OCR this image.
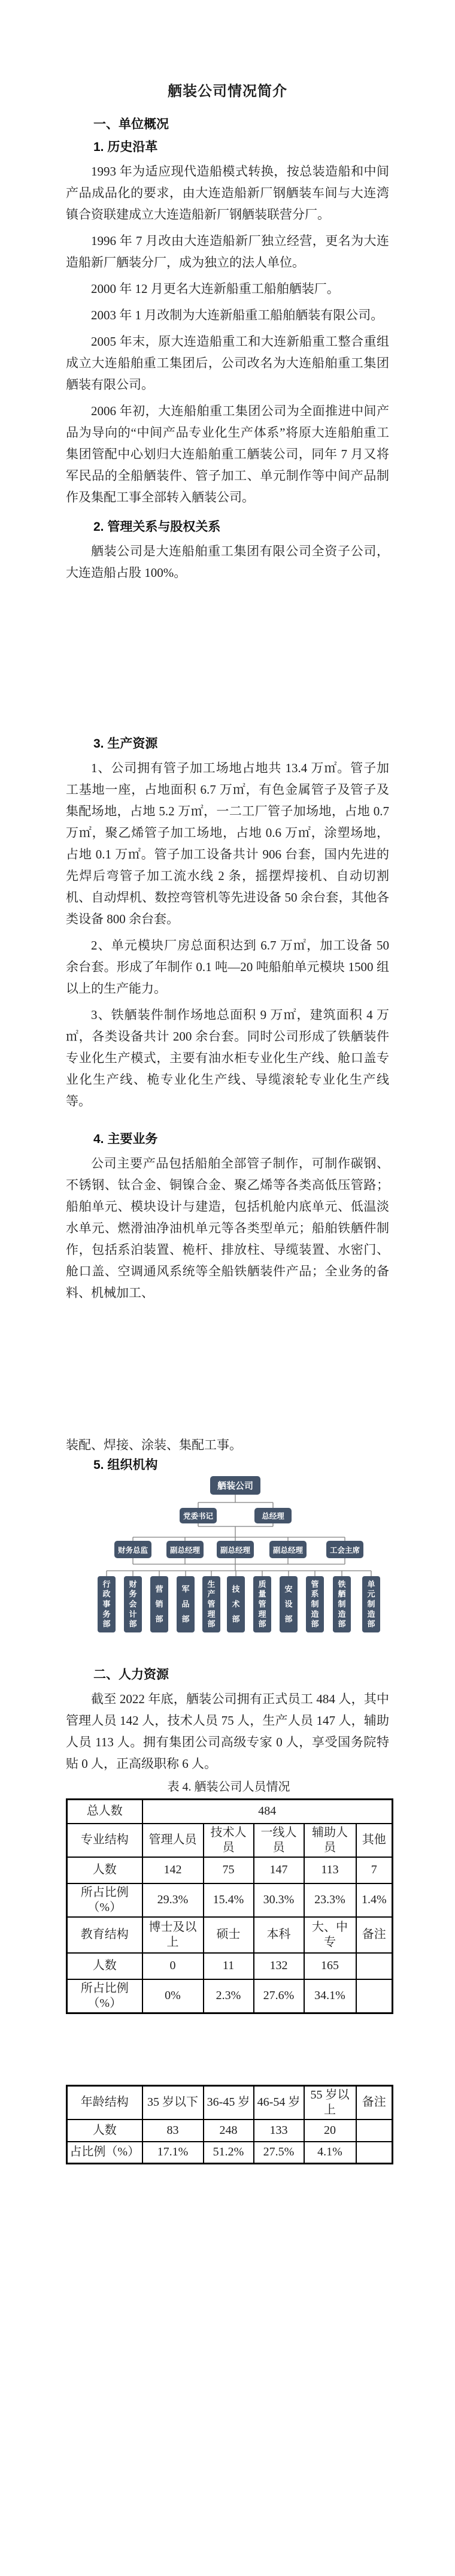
舾装公司情况简介
一、单位概况
1. 历史沿革

1993 年为适应现代造船模式转换，按总装造船和中间产品成品化的要求，由大连造船新厂钢舾装车间与大连湾镇合资联建成立大连造船新厂钢舾装联营分厂。

1996 年 7 月改由大连造船新厂独立经营，更名为大连造船新厂舾装分厂，成为独立的法人单位。

2000 年 12 月更名大连新船重工船舶舾装厂。

2003 年 1 月改制为大连新船重工船舶舾装有限公司。

2005 年末，原大连造船重工和大连新船重工整合重组成立大连船舶重工集团后，公司改名为大连船舶重工集团舾装有限公司。

2006 年初，大连船舶重工集团公司为全面推进中间产品为导向的“中间产品专业化生产体系”将原大连船舶重工集团管配中心划归大连船舶重工舾装公司，同年 7 月又将军民品的全船舾装件、管子加工、单元制作等中间产品制作及集配工事全部转入舾装公司。

2. 管理关系与股权关系

舾装公司是大连船舶重工集团有限公司全资子公司，大连造船占股 100%。

3. 生产资源

1、公司拥有管子加工场地占地共 13.4 万㎡。管子加工基地一座，占地面积 6.7 万㎡，有色金属管子及管子及集配场地，占地 5.2 万㎡，一二工厂管子加场地，占地 0.7 万㎡，聚乙烯管子加工场地，占地 0.6 万㎡，涂塑场地，占地 0.1 万㎡。管子加工设备共计 906 台套，国内先进的先焊后弯管子加工流水线 2 条，摇摆焊接机、自动切割机、自动焊机、数控弯管机等先进设备 50 余台套，其他各类设备 800 余台套。

2、单元模块厂房总面积达到 6.7 万㎡，加工设备 50 余台套。形成了年制作 0.1 吨—20 吨船舶单元模块 1500 组以上的生产能力。

3、铁舾装件制作场地总面积 9 万㎡，建筑面积 4 万㎡，各类设备共计 200 余台套。同时公司形成了铁舾装件专业化生产模式，主要有油水柜专业化生产线、舱口盖专业化生产线、桅专业化生产线、导缆滚轮专业化生产线等。

4. 主要业务

公司主要产品包括船舶全部管子制作，可制作碳钢、不锈钢、钛合金、铜镍合金、聚乙烯等各类高低压管路；船舶单元、模块设计与建造，包括机舱内底单元、低温淡水单元、燃滑油净油机单元等各类型单元；船舶铁舾件制作，包括系泊装置、桅杆、排放柱、导缆装置、水密门、舱口盖、空调通风系统等全船铁舾装件产品；全业务的备料、机械加工、

装配、焊接、涂装、集配工事。

5. 组织机构
舾装公司
党委书记	总经理
财务总监	副总经理	副总经理	副总经理	工会主席
行
政
事
务
部
财
务
会
计
部
营
销
部
军
品
部
生
产
管
理
部
技
术
部
质
量
管
理
部
安
设
部
管
系
制
造
部
铁
舾
制
造
部
单
元
制
造
部
二、人力资源

截至 2022 年底，舾装公司拥有正式员工 484 人，其中管理人员 142 人，技术人员 75 人，生产人员 147 人，辅助人员 113 人。拥有集团公司高级专家 0 人，享受国务院特贴 0 人，正高级职称 6 人。

表 4. 舾装公司人员情况
总人数	484				
专业结构	管理人员	技术人员	一线人员	辅助人员	其他
人数	142	75	147	113	7
所占比例（%）	29.3%	15.4%	30.3%	23.3%	1.4%
教育结构	博士及以上	硕士	本科	大、中专	备注
人数	0	11	132	165	
所占比例（%）	0%	2.3%	27.6%	34.1%	
年龄结构	35 岁以下	36-45 岁	46-54 岁	55 岁以上	备注
人数	83	248	133	20	
占比例（%）	17.1%	51.2%	27.5%	4.1%	
